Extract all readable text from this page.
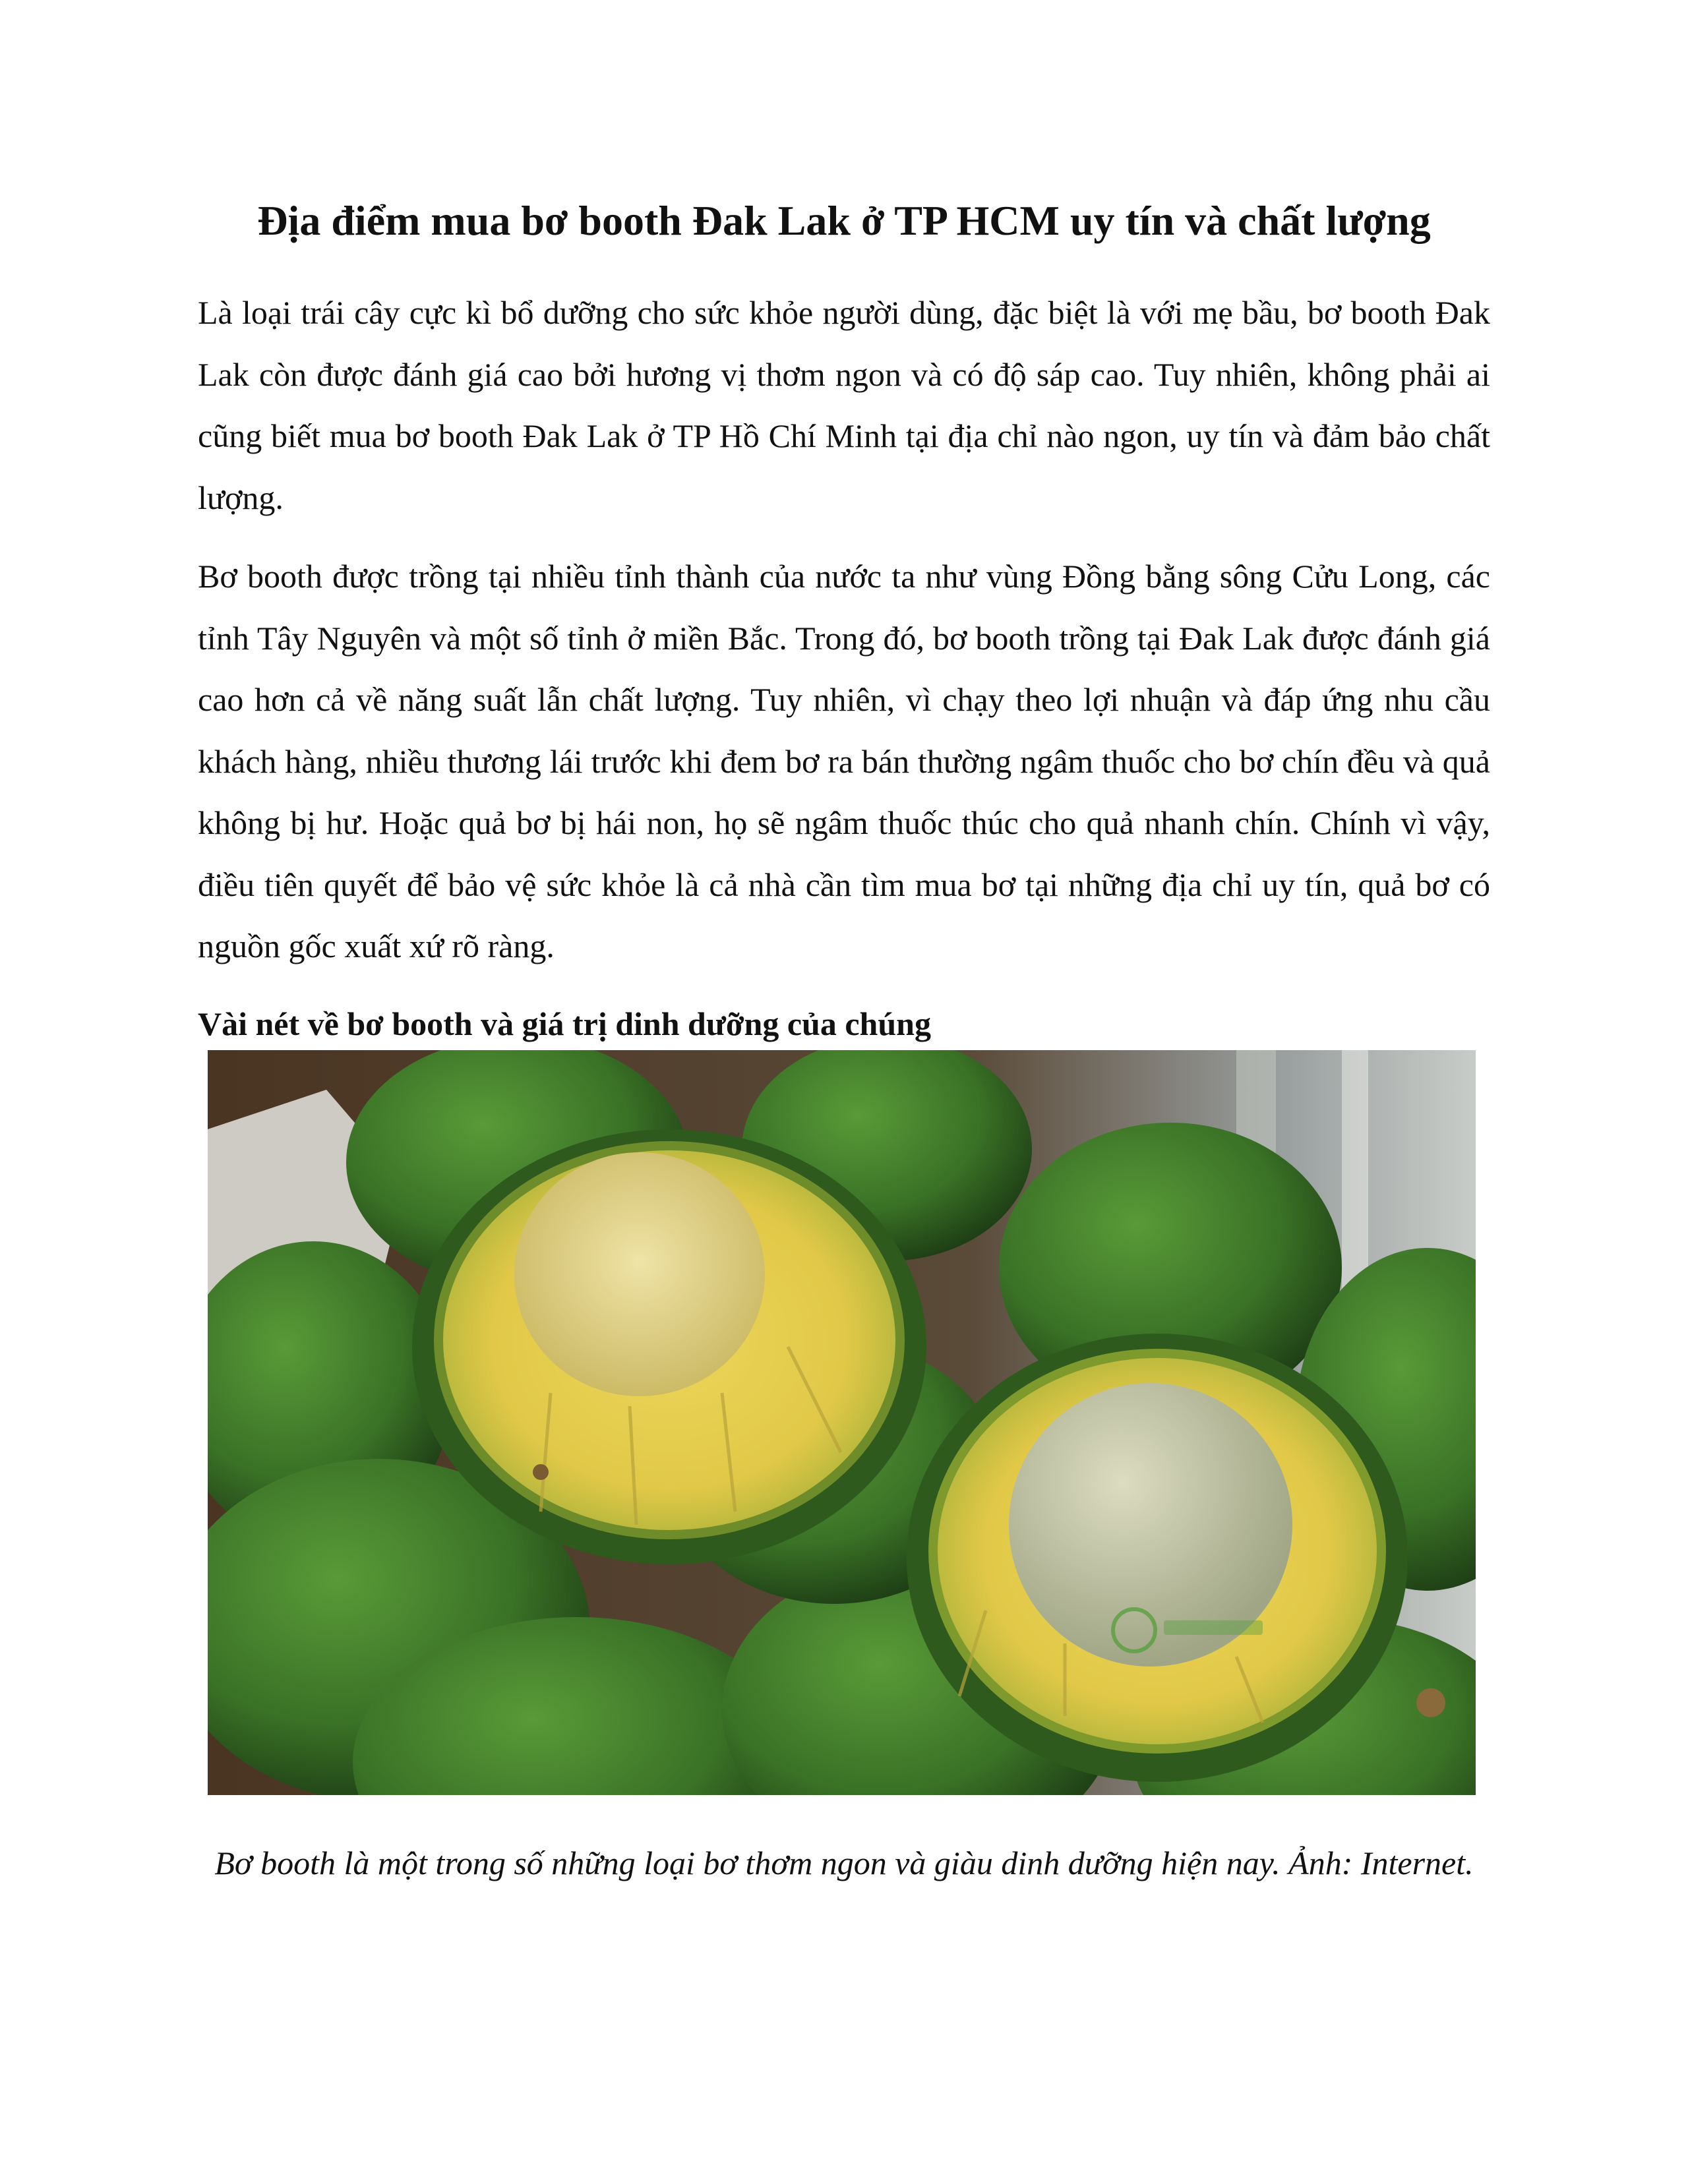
Địa điểm mua bơ booth Đak Lak ở TP HCM uy tín và chất lượng

Là loại trái cây cực kì bổ dưỡng cho sức khỏe người dùng, đặc biệt là với mẹ bầu, bơ booth Đak Lak còn được đánh giá cao bởi hương vị thơm ngon và có độ sáp cao. Tuy nhiên, không phải ai cũng biết mua bơ booth Đak Lak ở TP Hồ Chí Minh tại địa chỉ nào ngon, uy tín và đảm bảo chất lượng.

Bơ booth được trồng tại nhiều tỉnh thành của nước ta như vùng Đồng bằng sông Cửu Long, các tỉnh Tây Nguyên và một số tỉnh ở miền Bắc. Trong đó, bơ booth trồng tại Đak Lak được đánh giá cao hơn cả về năng suất lẫn chất lượng. Tuy nhiên, vì chạy theo lợi nhuận và đáp ứng nhu cầu khách hàng, nhiều thương lái trước khi đem bơ ra bán thường ngâm thuốc cho bơ chín đều và quả không bị hư. Hoặc quả bơ bị hái non, họ sẽ ngâm thuốc thúc cho quả nhanh chín. Chính vì vậy, điều tiên quyết để bảo vệ sức khỏe là cả nhà cần tìm mua bơ tại những địa chỉ uy tín, quả bơ có nguồn gốc xuất xứ rõ ràng.

Vài nét về bơ booth và giá trị dinh dưỡng của chúng

Bơ booth là một trong số những loại bơ thơm ngon và giàu dinh dưỡng hiện nay. Ảnh: Internet.
